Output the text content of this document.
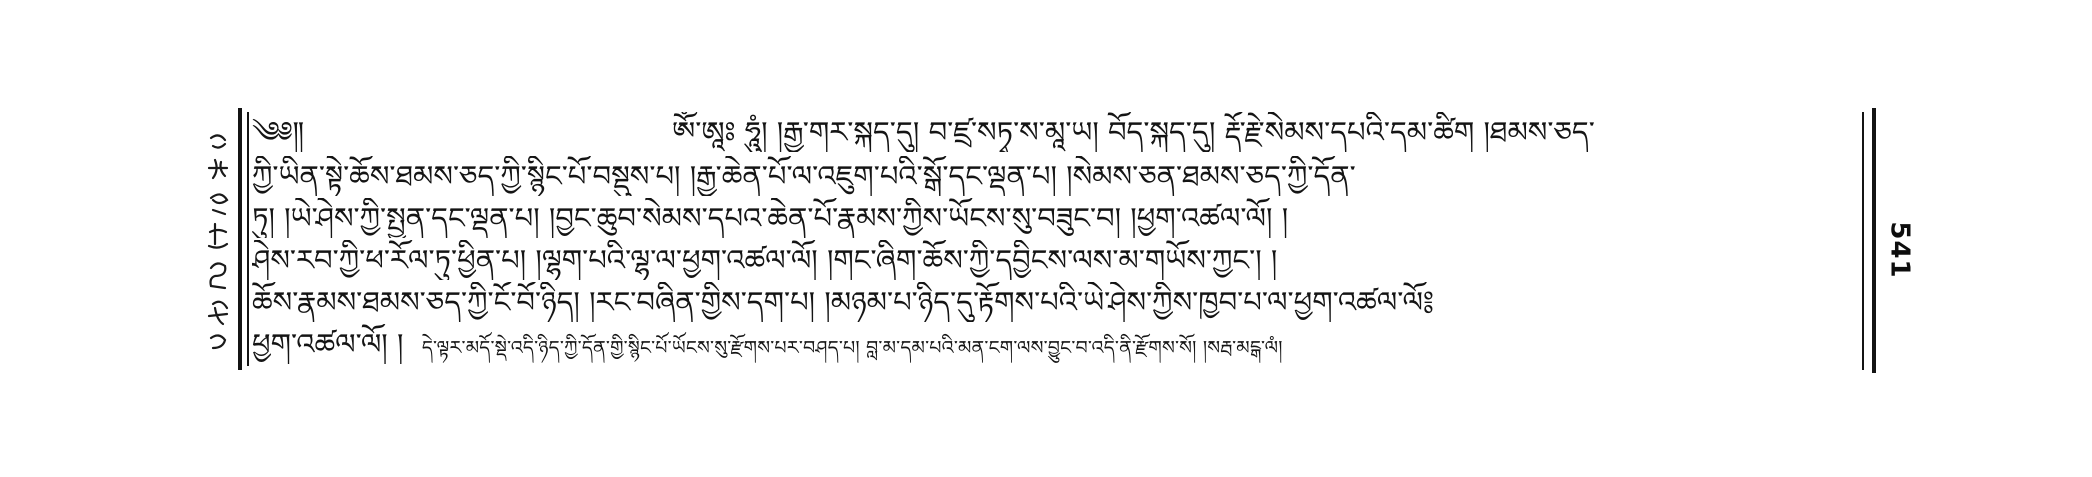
541
༄༅༎	ༀ་ཨཱཿ ཧཱུཾ། །རྒྱ་གར་སྐད་དུ། བ་ཛྲ་སཏྭ་ས་མཱ་ཡ། བོད་སྐད་དུ། རྡོ་རྗེ་སེམས་དཔའི་དམ་ཚིག །ཐམས་ཅད་
ཀྱི་ཡིན་སྟེ་ཆོས་ཐམས་ཅད་ཀྱི་སྙིང་པོ་བསྡུས་པ། །རྒྱ་ཆེན་པོ་ལ་འཇུག་པའི་སྒོ་དང་ལྡན་པ། །སེམས་ཅན་ཐམས་ཅད་ཀྱི་དོན་
ཏུ། །ཡེ་ཤེས་ཀྱི་སྤྱན་དང་ལྡན་པ། །བྱང་ཆུབ་སེམས་དཔའ་ཆེན་པོ་རྣམས་ཀྱིས་ཡོངས་སུ་བཟུང་བ། །ཕྱག་འཚལ་ལོ། །
ཤེས་རབ་ཀྱི་ཕ་རོལ་ཏུ་ཕྱིན་པ། །ལྷག་པའི་ལྷ་ལ་ཕྱག་འཚལ་ལོ། །གང་ཞིག་ཆོས་ཀྱི་དབྱིངས་ལས་མ་གཡོས་ཀྱང་། །
ཆོས་རྣམས་ཐམས་ཅད་ཀྱི་ངོ་བོ་ཉིད། །རང་བཞིན་གྱིས་དག་པ། །མཉམ་པ་ཉིད་དུ་རྟོགས་པའི་ཡེ་ཤེས་ཀྱིས་ཁྱབ་པ་ལ་ཕྱག་འཚལ་ལོ༔
ཕྱག་འཚལ་ལོ། ། དེ་ལྟར་མདོ་སྡེ་འདི་ཉིད་ཀྱི་དོན་གྱི་སྙིང་པོ་ཡོངས་སུ་རྫོགས་པར་བཤད་པ། བླ་མ་དམ་པའི་མན་ངག་ལས་བྱུང་བ་འདི་ནི་རྫོགས་སོ། །སརྦ་མངྒ་ལཾ།
